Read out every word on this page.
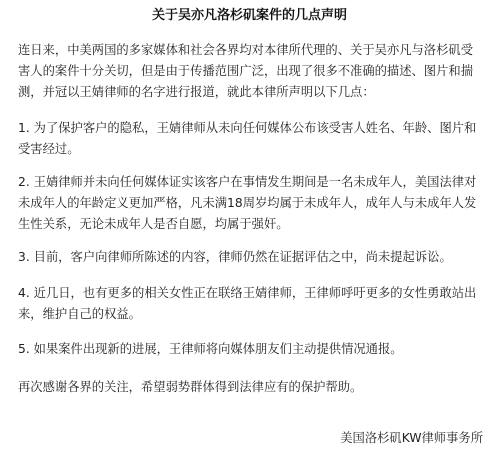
关于吴亦凡洛杉矶案件的几点声明

连日来，中美两国的多家媒体和社会各界均对本律所代理的、关于吴亦凡与洛杉矶受害人的案件十分关切，但是由于传播范围广泛，出现了很多不准确的描述、图片和揣测，并冠以王婧律师的名字进行报道，就此本律所声明以下几点：

1. 为了保护客户的隐私，王婧律师从未向任何媒体公布该受害人姓名、年龄、图片和受害经过。

2. 王婧律师并未向任何媒体证实该客户在事情发生期间是一名未成年人，美国法律对未成年人的年龄定义更加严格，凡未满18周岁均属于未成年人，成年人与未成年人发生性关系，无论未成年人是否自愿，均属于强奸。

3. 目前，客户向律师所陈述的内容，律师仍然在证据评估之中，尚未提起诉讼。

4. 近几日，也有更多的相关女性正在联络王婧律师，王律师呼吁更多的女性勇敢站出来，维护自己的权益。

5. 如果案件出现新的进展，王律师将向媒体朋友们主动提供情况通报。

再次感谢各界的关注，希望弱势群体得到法律应有的保护帮助。

美国洛杉矶KW律师事务所
